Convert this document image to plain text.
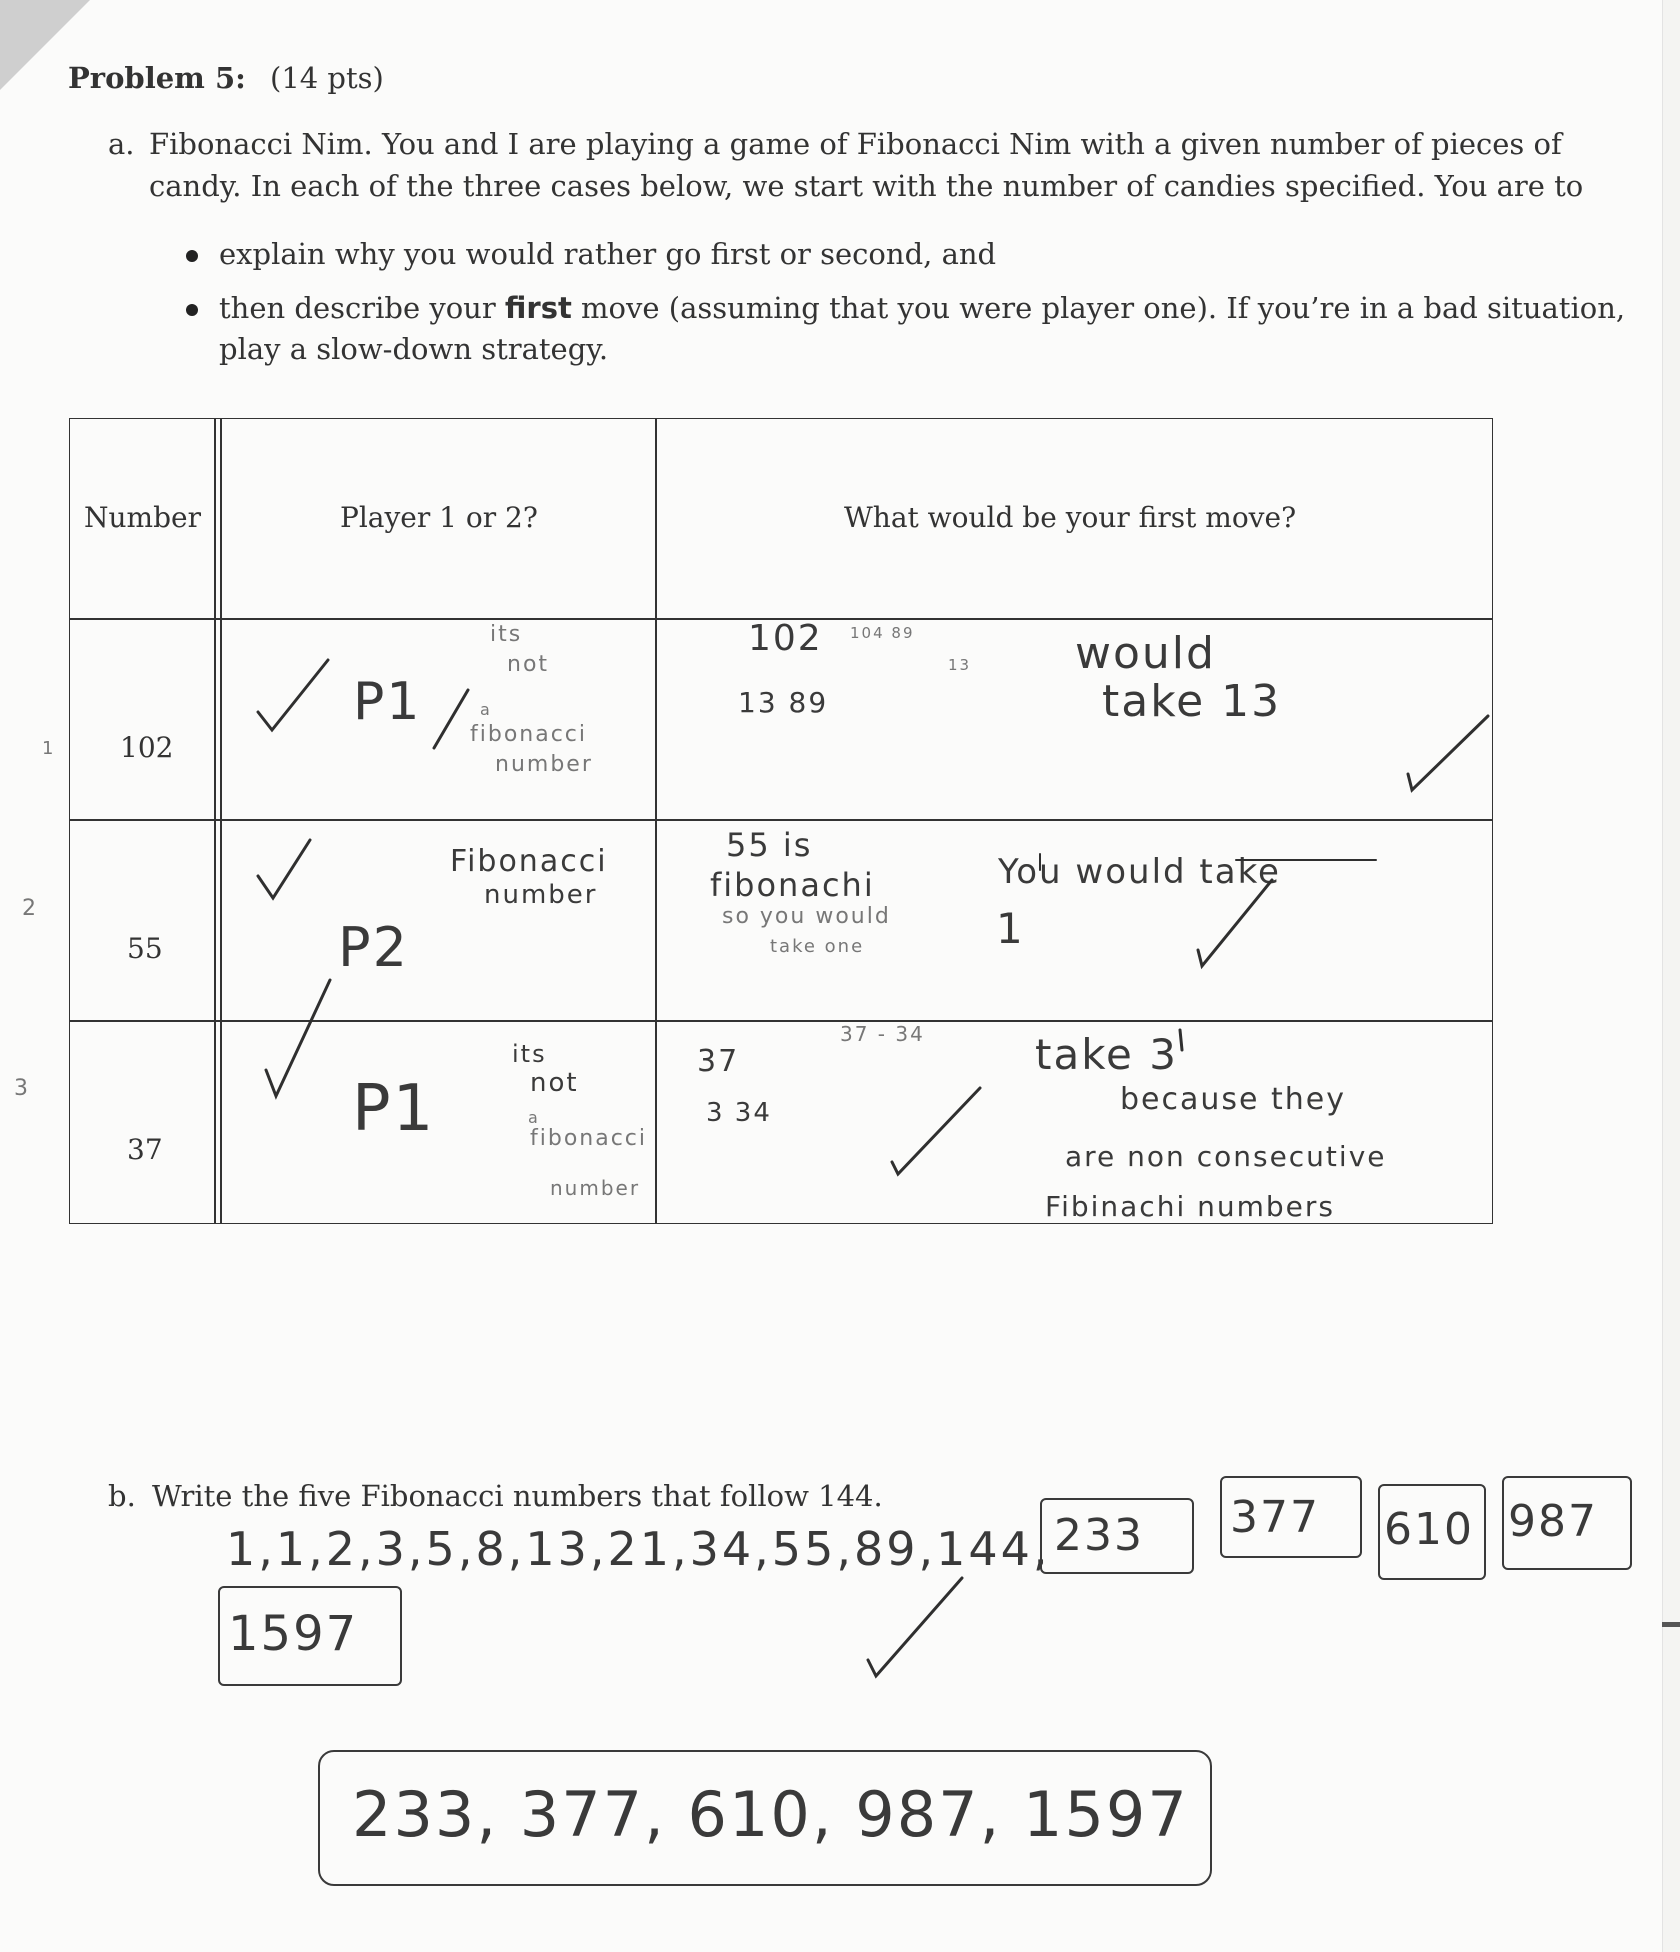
Problem 5: (14 pts)
a. Fibonacci Nim. You and I are playing a game of Fibonacci Nim with a given number of pieces of
candy. In each of the three cases below, we start with the number of candies specified. You are to
explain why you would rather go first or second, and
then describe your first move (assuming that you were player one). If you’re in a bad situation,
play a slow-down strategy.
Number	Player 1 or 2?	What would be your first move?
102
55
37
P1
its
not
a
fibonacci
number
102 104 89
13
13 89
would
take 13
P2
Fibonacci
number
55 is
fibonachi
so you would
take one
You would take
1
P1
its
not
a
fibonacci
number
37 - 34
37
3 34
take 3
because they
are non consecutive
Fibinachi numbers
1
2
3
b. Write the five Fibonacci numbers that follow 144.
1,1,2,3,5,8,13,21,34,55,89,144, 233 377 610 987
1597
233, 377, 610, 987, 1597
